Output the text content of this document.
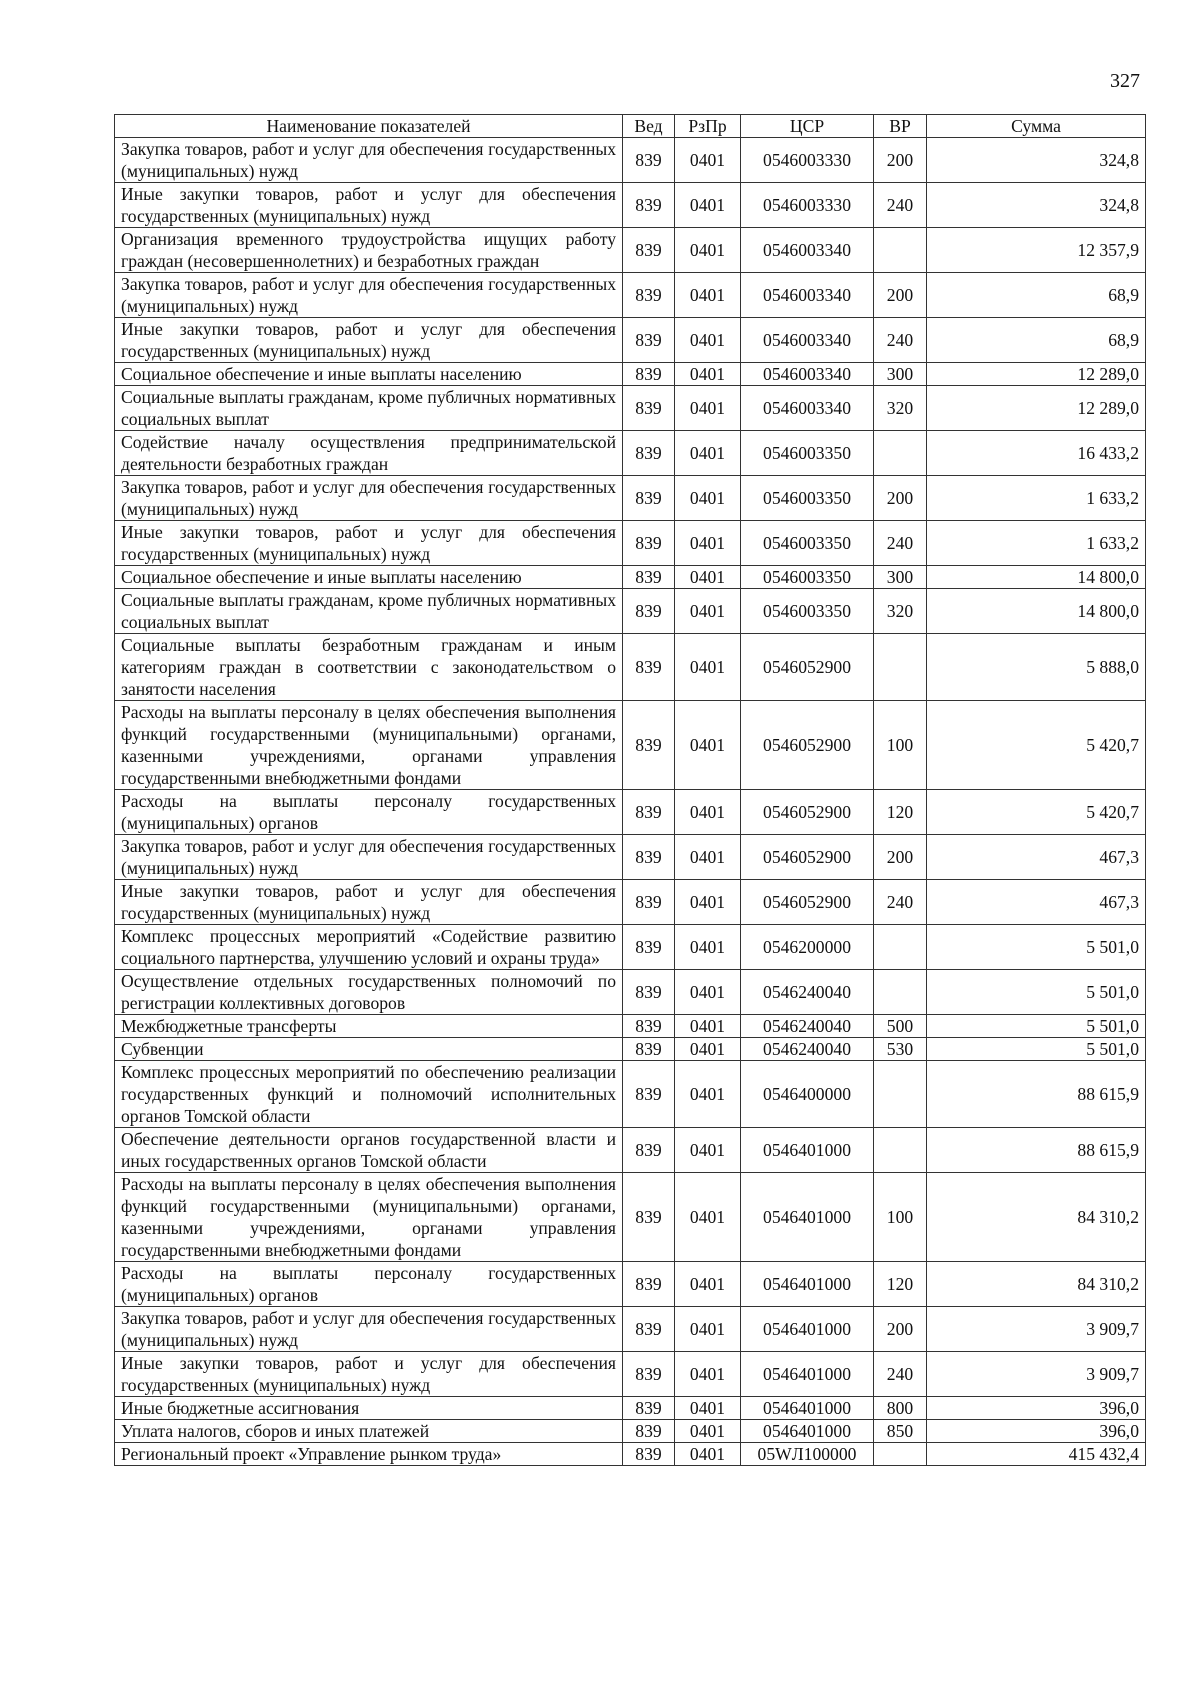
327
Наименование показателей	Вед	РзПр	ЦСР	ВР	Сумма
Закупка товаров, работ и услуг для обеспечения государственных (муниципальных) нужд	839	0401	0546003330	200	324,8
Иные закупки товаров, работ и услуг для обеспечения государственных (муниципальных) нужд	839	0401	0546003330	240	324,8
Организация временного трудоустройства ищущих работу граждан (несовершеннолетних) и безработных граждан	839	0401	0546003340		12 357,9
Закупка товаров, работ и услуг для обеспечения государственных (муниципальных) нужд	839	0401	0546003340	200	68,9
Иные закупки товаров, работ и услуг для обеспечения государственных (муниципальных) нужд	839	0401	0546003340	240	68,9
Социальное обеспечение и иные выплаты населению	839	0401	0546003340	300	12 289,0
Социальные выплаты гражданам, кроме публичных нормативных социальных выплат	839	0401	0546003340	320	12 289,0
Содействие началу осуществления предпринимательской деятельности безработных граждан	839	0401	0546003350		16 433,2
Закупка товаров, работ и услуг для обеспечения государственных (муниципальных) нужд	839	0401	0546003350	200	1 633,2
Иные закупки товаров, работ и услуг для обеспечения государственных (муниципальных) нужд	839	0401	0546003350	240	1 633,2
Социальное обеспечение и иные выплаты населению	839	0401	0546003350	300	14 800,0
Социальные выплаты гражданам, кроме публичных нормативных социальных выплат	839	0401	0546003350	320	14 800,0
Социальные выплаты безработным гражданам и иным категориям граждан в соответствии с законодательством о занятости населения	839	0401	0546052900		5 888,0
Расходы на выплаты персоналу в целях обеспечения выполнения функций государственными (муниципальными) органами, казенными учреждениями, органами управления государственными внебюджетными фондами	839	0401	0546052900	100	5 420,7
Расходы на выплаты персоналу государственных (муниципальных) органов	839	0401	0546052900	120	5 420,7
Закупка товаров, работ и услуг для обеспечения государственных (муниципальных) нужд	839	0401	0546052900	200	467,3
Иные закупки товаров, работ и услуг для обеспечения государственных (муниципальных) нужд	839	0401	0546052900	240	467,3
Комплекс процессных мероприятий «Содействие развитию социального партнерства, улучшению условий и охраны труда»	839	0401	0546200000		5 501,0
Осуществление отдельных государственных полномочий по регистрации коллективных договоров	839	0401	0546240040		5 501,0
Межбюджетные трансферты	839	0401	0546240040	500	5 501,0
Субвенции	839	0401	0546240040	530	5 501,0
Комплекс процессных мероприятий по обеспечению реализации государственных функций и полномочий исполнительных органов Томской области	839	0401	0546400000		88 615,9
Обеспечение деятельности органов государственной власти и иных государственных органов Томской области	839	0401	0546401000		88 615,9
Расходы на выплаты персоналу в целях обеспечения выполнения функций государственными (муниципальными) органами, казенными учреждениями, органами управления государственными внебюджетными фондами	839	0401	0546401000	100	84 310,2
Расходы на выплаты персоналу государственных (муниципальных) органов	839	0401	0546401000	120	84 310,2
Закупка товаров, работ и услуг для обеспечения государственных (муниципальных) нужд	839	0401	0546401000	200	3 909,7
Иные закупки товаров, работ и услуг для обеспечения государственных (муниципальных) нужд	839	0401	0546401000	240	3 909,7
Иные бюджетные ассигнования	839	0401	0546401000	800	396,0
Уплата налогов, сборов и иных платежей	839	0401	0546401000	850	396,0
Региональный проект «Управление рынком труда»	839	0401	05WЛ100000		415 432,4
